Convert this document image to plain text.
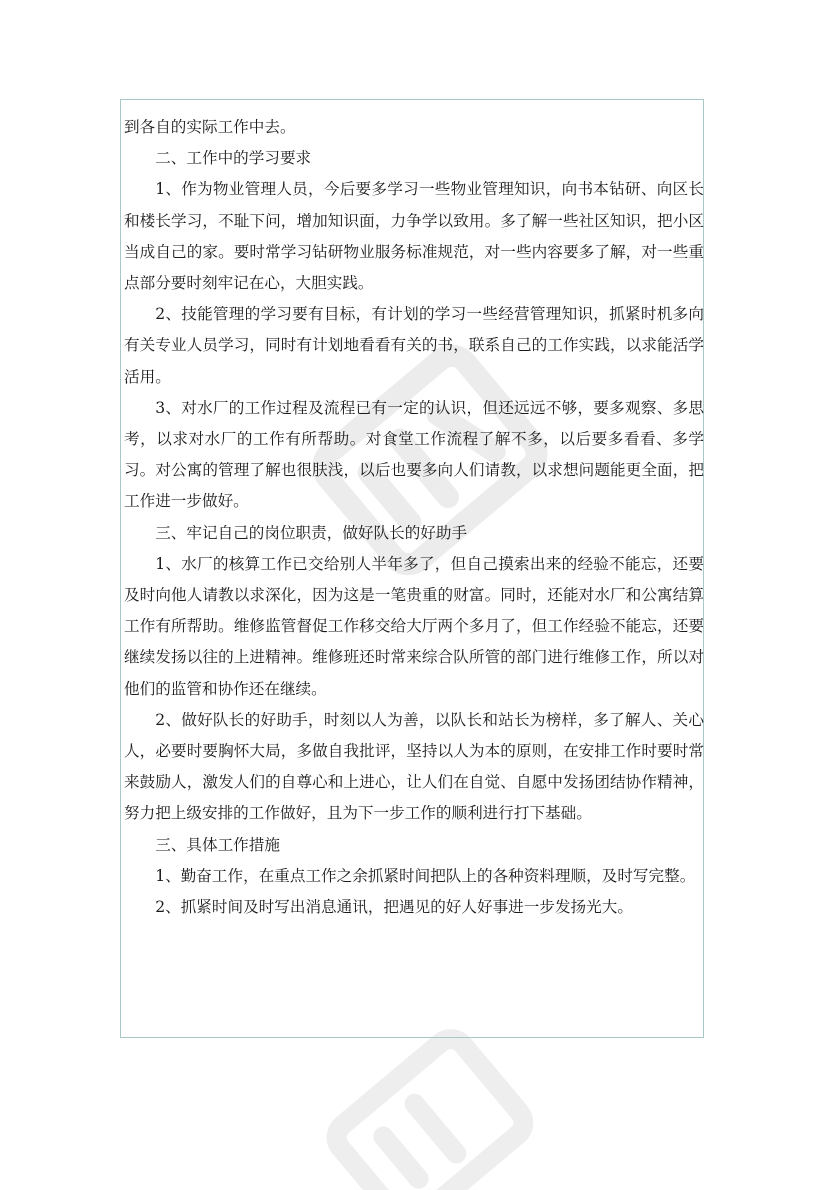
到各自的实际工作中去。

二、工作中的学习要求

1、作为物业管理人员，今后要多学习一些物业管理知识，向书本钻研、向区长和楼长学习，不耻下问，增加知识面，力争学以致用。多了解一些社区知识，把小区当成自己的家。要时常学习钻研物业服务标准规范，对一些内容要多了解，对一些重点部分要时刻牢记在心，大胆实践。

2、技能管理的学习要有目标，有计划的学习一些经营管理知识，抓紧时机多向有关专业人员学习，同时有计划地看看有关的书，联系自己的工作实践，以求能活学活用。

3、对水厂的工作过程及流程已有一定的认识，但还远远不够，要多观察、多思考，以求对水厂的工作有所帮助。对食堂工作流程了解不多，以后要多看看、多学习。对公寓的管理了解也很肤浅，以后也要多向人们请教，以求想问题能更全面，把工作进一步做好。

三、牢记自己的岗位职责，做好队长的好助手

1、水厂的核算工作已交给别人半年多了，但自己摸索出来的经验不能忘，还要及时向他人请教以求深化，因为这是一笔贵重的财富。同时，还能对水厂和公寓结算工作有所帮助。维修监管督促工作移交给大厅两个多月了，但工作经验不能忘，还要继续发扬以往的上进精神。维修班还时常来综合队所管的部门进行维修工作，所以对他们的监管和协作还在继续。

2、做好队长的好助手，时刻以人为善，以队长和站长为榜样，多了解人、关心人，必要时要胸怀大局，多做自我批评，坚持以人为本的原则，在安排工作时要时常来鼓励人，激发人们的自尊心和上进心，让人们在自觉、自愿中发扬团结协作精神，努力把上级安排的工作做好，且为下一步工作的顺利进行打下基础。

三、具体工作措施

1、勤奋工作，在重点工作之余抓紧时间把队上的各种资料理顺，及时写完整。

2、抓紧时间及时写出消息通讯，把遇见的好人好事进一步发扬光大。
